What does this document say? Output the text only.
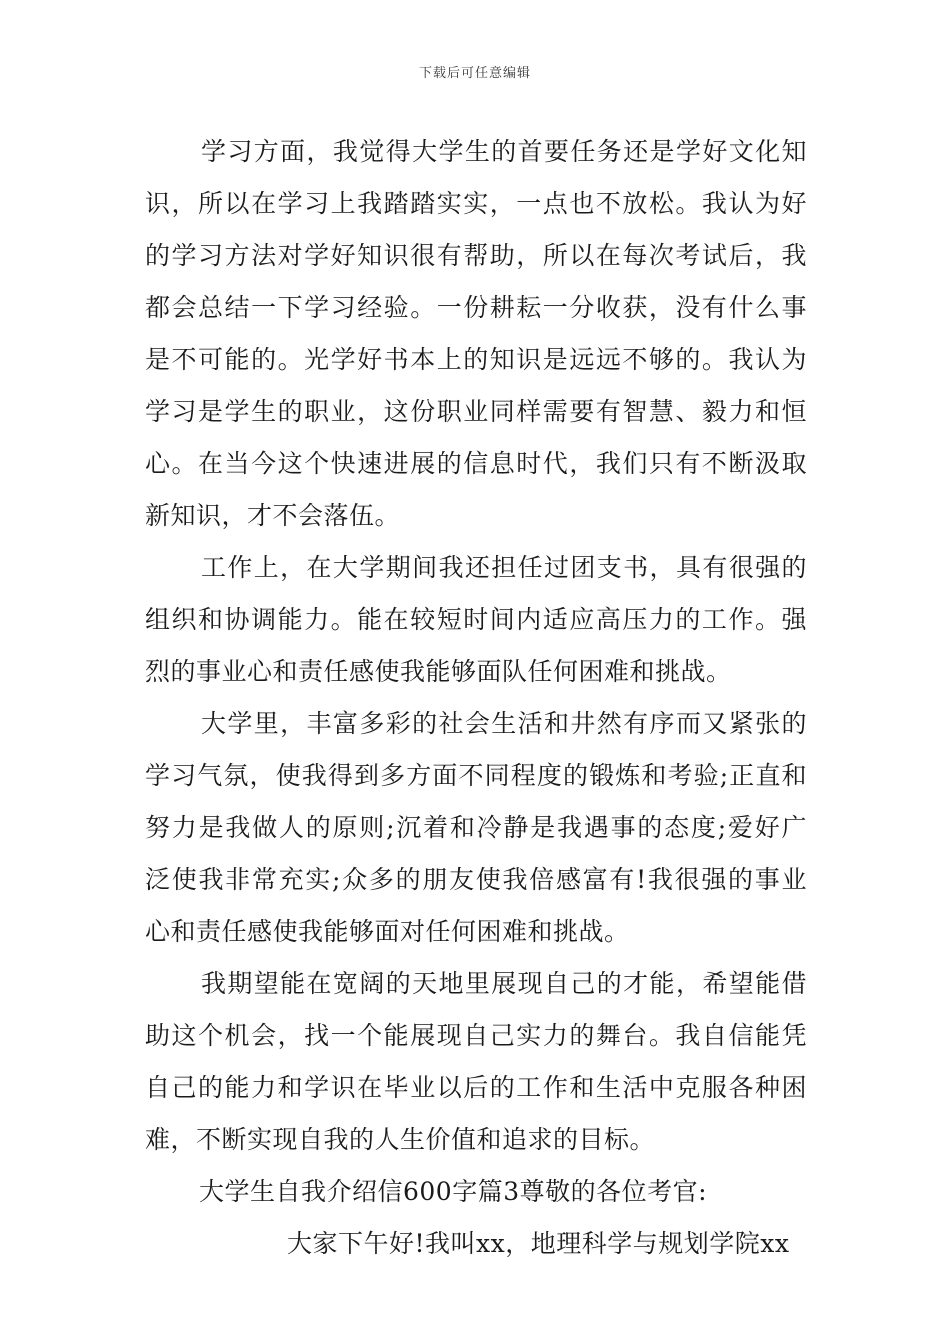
下载后可任意编辑
学习方面，我觉得大学生的首要任务还是学好文化知
识，所以在学习上我踏踏实实，一点也不放松。我认为好
的学习方法对学好知识很有帮助，所以在每次考试后，我
都会总结一下学习经验。一份耕耘一分收获，没有什么事
是不可能的。光学好书本上的知识是远远不够的。我认为
学习是学生的职业，这份职业同样需要有智慧、毅力和恒
心。在当今这个快速进展的信息时代，我们只有不断汲取
新知识，才不会落伍。
工作上，在大学期间我还担任过团支书，具有很强的
组织和协调能力。能在较短时间内适应高压力的工作。强
烈的事业心和责任感使我能够面队任何困难和挑战。
大学里，丰富多彩的社会生活和井然有序而又紧张的
学习气氛，使我得到多方面不同程度的锻炼和考验;正直和
努力是我做人的原则;沉着和冷静是我遇事的态度;爱好广
泛使我非常充实;众多的朋友使我倍感富有!我很强的事业
心和责任感使我能够面对任何困难和挑战。
我期望能在宽阔的天地里展现自己的才能，希望能借
助这个机会，找一个能展现自己实力的舞台。我自信能凭
自己的能力和学识在毕业以后的工作和生活中克服各种困
难，不断实现自我的人生价值和追求的目标。
大学生自我介绍信600字篇3尊敬的各位考官:
大家下午好!我叫xx，地理科学与规划学院xx
